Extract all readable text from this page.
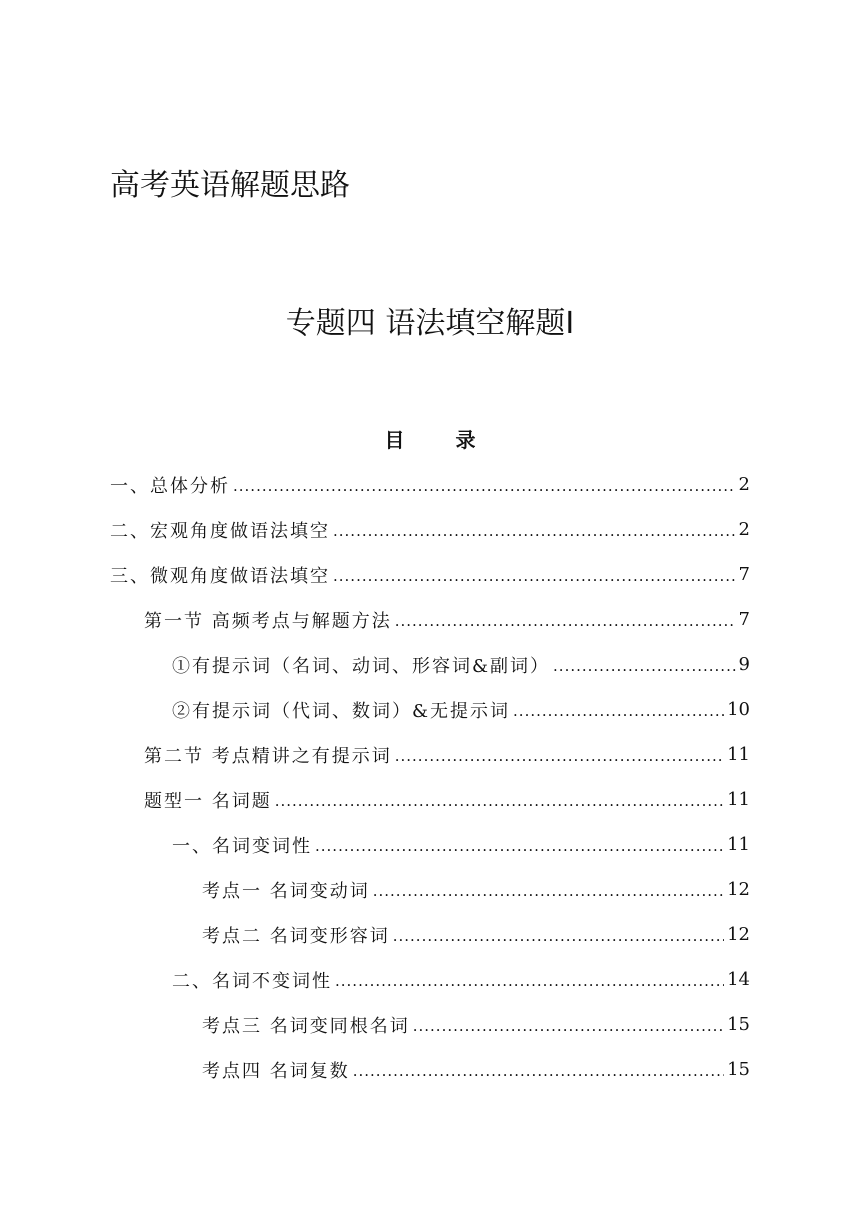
高考英语解题思路
专题四 语法填空解题Ⅰ
目 录
一、总体分析 .....	2
二、宏观角度做语法填空 .....	2
三、微观角度做语法填空 .....	7
第一节 高频考点与解题方法 .....	7
①有提示词（名词、动词、形容词&副词） .....	9
②有提示词（代词、数词）&无提示词 .....	10
第二节 考点精讲之有提示词 .....	11
题型一 名词题 .....	11
一、名词变词性 .....	11
考点一 名词变动词 .....	12
考点二 名词变形容词 .....	12
二、名词不变词性 .....	14
考点三 名词变同根名词 .....	15
考点四 名词复数 .....	15
